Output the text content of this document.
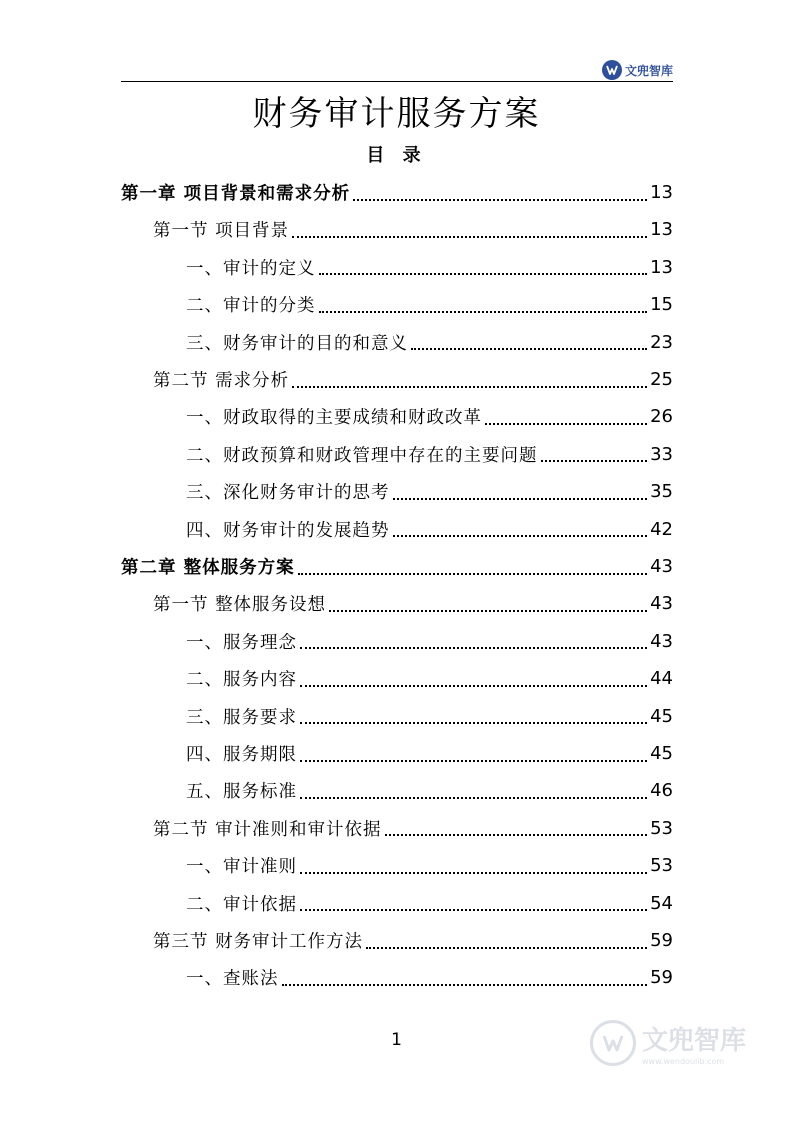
文兜智库
财务审计服务方案
目 录
第一章 项目背景和需求分析	13
第一节 项目背景	13
一、审计的定义	13
二、审计的分类	15
三、财务审计的目的和意义	23
第二节 需求分析	25
一、财政取得的主要成绩和财政改革	26
二、财政预算和财政管理中存在的主要问题	33
三、深化财务审计的思考	35
四、财务审计的发展趋势	42
第二章 整体服务方案	43
第一节 整体服务设想	43
一、服务理念	43
二、服务内容	44
三、服务要求	45
四、服务期限	45
五、服务标准	46
第二节 审计准则和审计依据	53
一、审计准则	53
二、审计依据	54
第三节 财务审计工作方法	59
一、查账法	59
1	文兜智库
www.wendoulib.com
